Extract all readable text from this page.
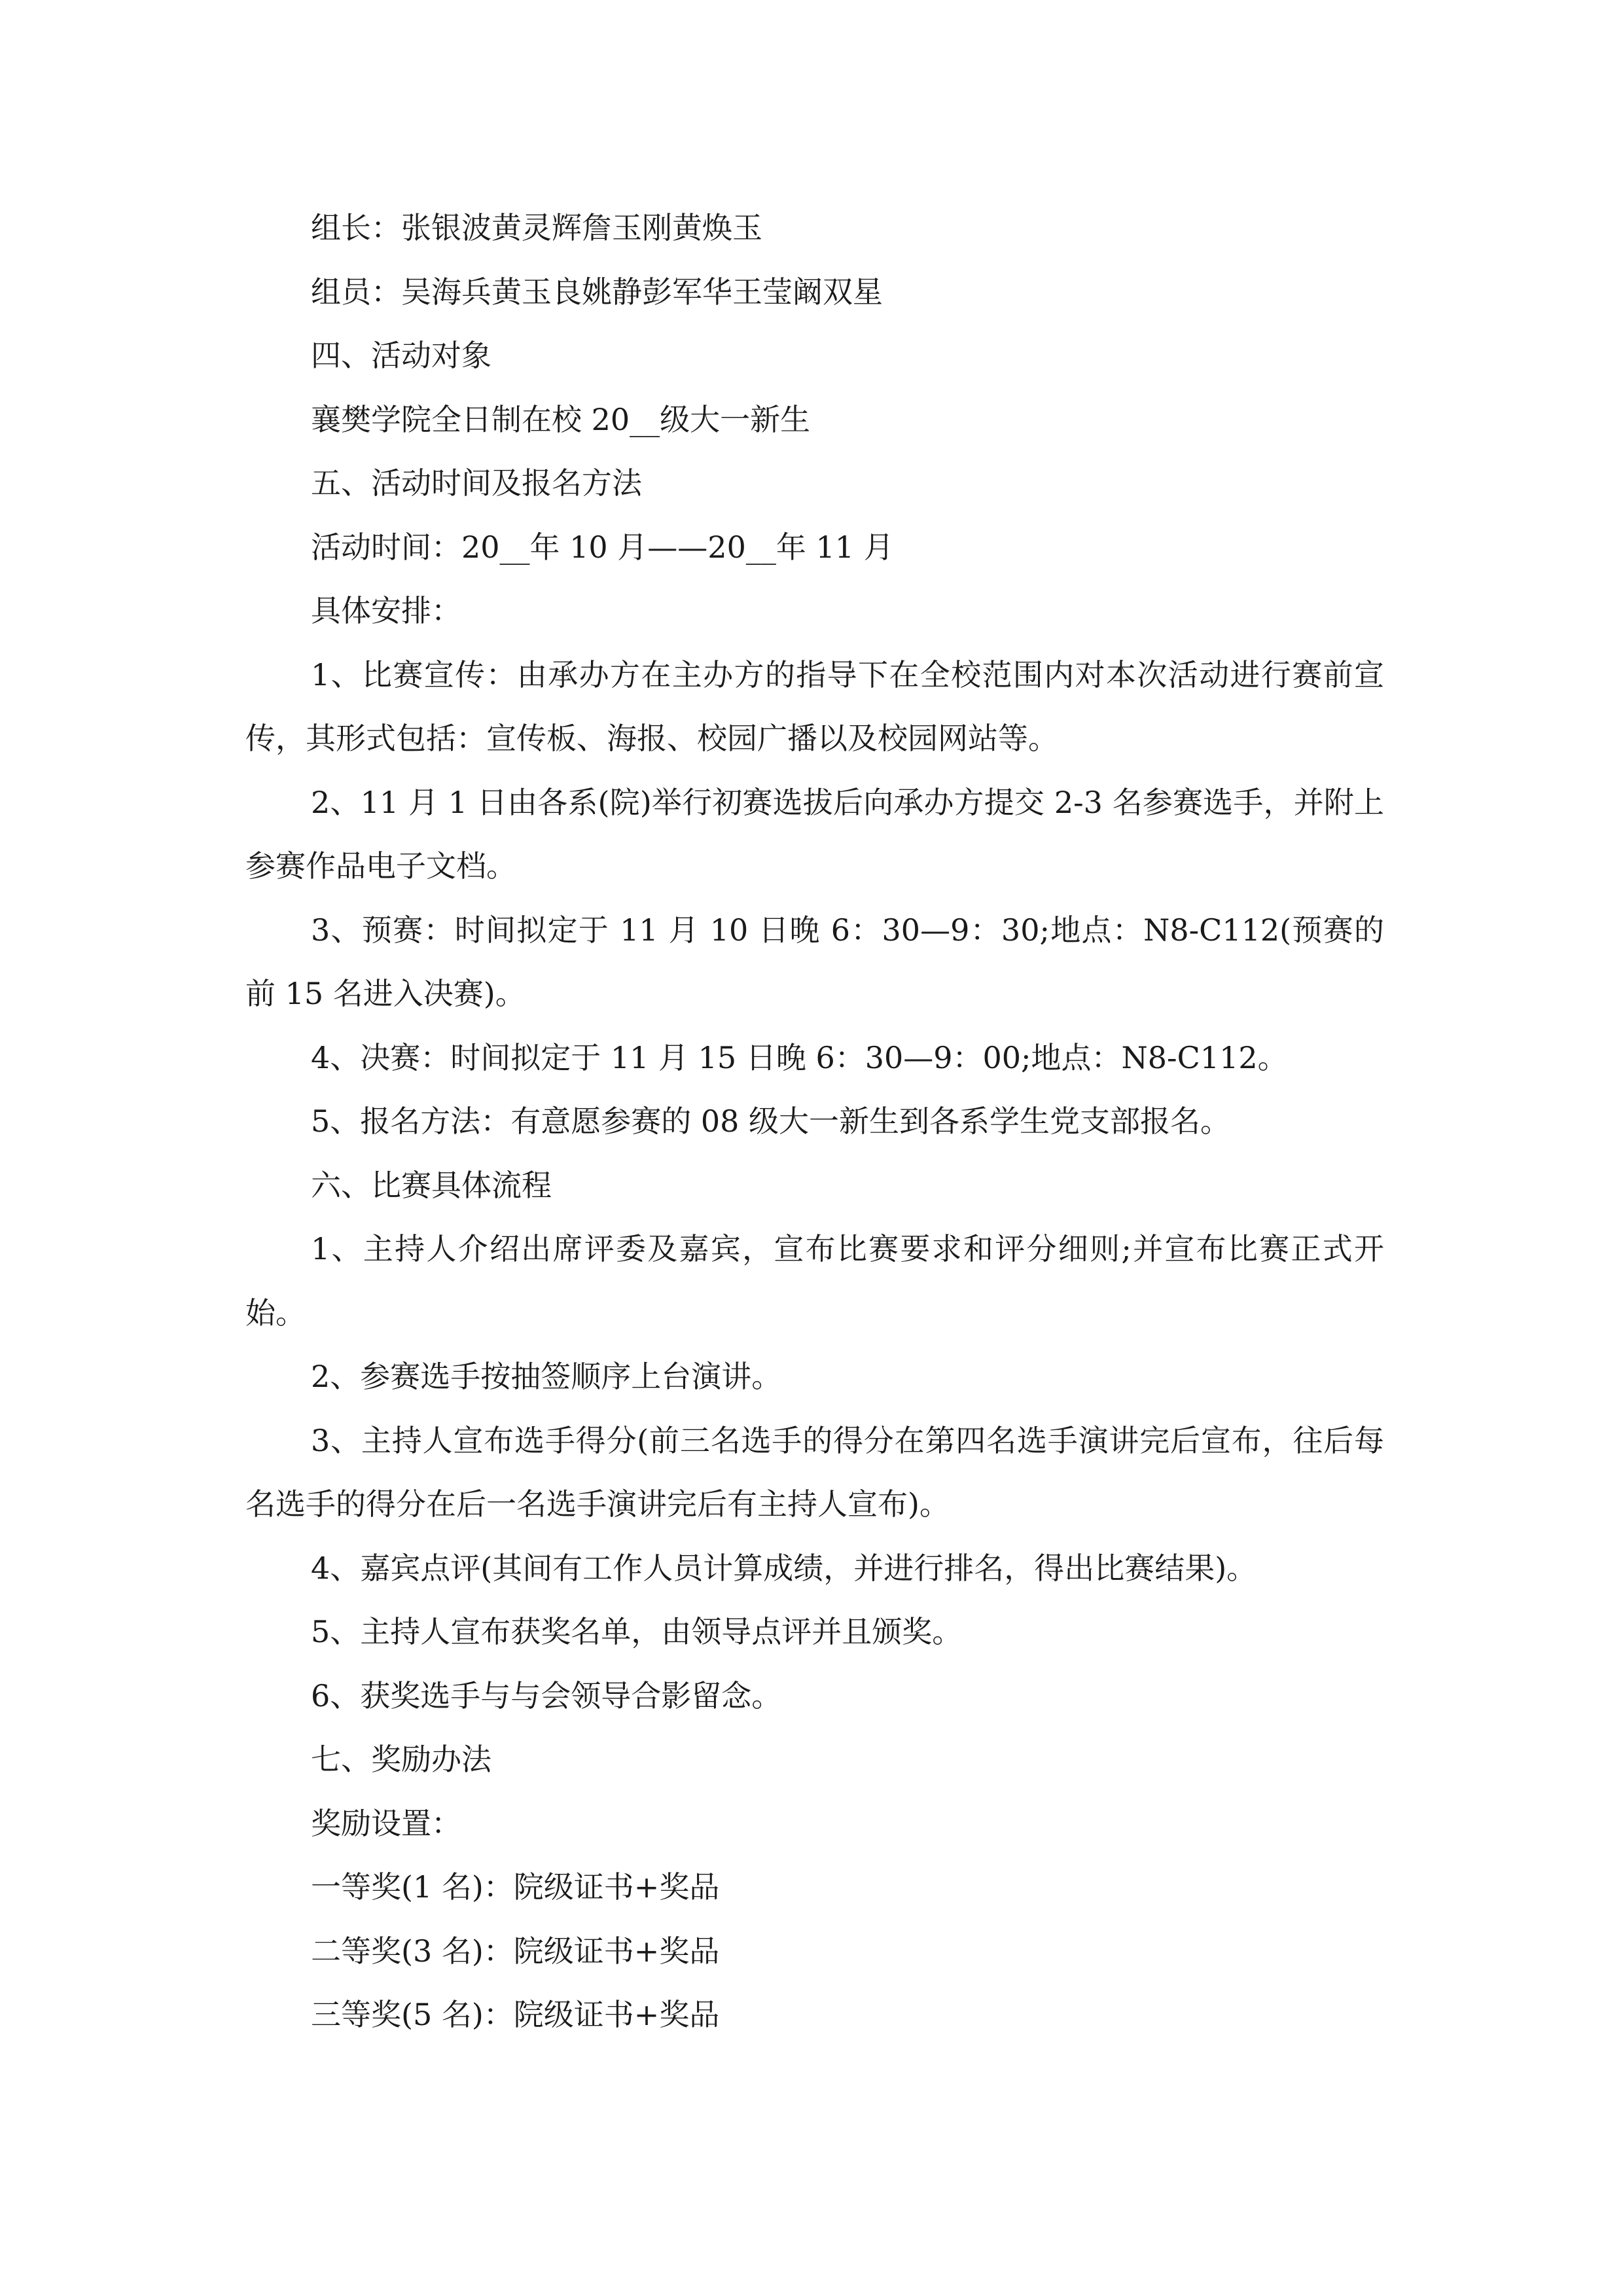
组长：张银波黄灵辉詹玉刚黄焕玉

组员：吴海兵黄玉良姚静彭军华王莹阚双星

四、活动对象

襄樊学院全日制在校 20__级大一新生

五、活动时间及报名方法

活动时间：20__年 10 月——20__年 11 月

具体安排：

1、比赛宣传：由承办方在主办方的指导下在全校范围内对本次活动进行赛前宣传，其形式包括：宣传板、海报、校园广播以及校园网站等。

2、11 月 1 日由各系(院)举行初赛选拔后向承办方提交 2-3 名参赛选手，并附上参赛作品电子文档。

3、预赛：时间拟定于 11 月 10 日晚 6：30—9：30;地点：N8-C112(预赛的前 15 名进入决赛)。

4、决赛：时间拟定于 11 月 15 日晚 6：30—9：00;地点：N8-C112。

5、报名方法：有意愿参赛的 08 级大一新生到各系学生党支部报名。

六、比赛具体流程

1、主持人介绍出席评委及嘉宾，宣布比赛要求和评分细则;并宣布比赛正式开始。

2、参赛选手按抽签顺序上台演讲。

3、主持人宣布选手得分(前三名选手的得分在第四名选手演讲完后宣布，往后每名选手的得分在后一名选手演讲完后有主持人宣布)。

4、嘉宾点评(其间有工作人员计算成绩，并进行排名，得出比赛结果)。

5、主持人宣布获奖名单，由领导点评并且颁奖。

6、获奖选手与与会领导合影留念。

七、奖励办法

奖励设置：

一等奖(1 名)：院级证书+奖品

二等奖(3 名)：院级证书+奖品

三等奖(5 名)：院级证书+奖品
